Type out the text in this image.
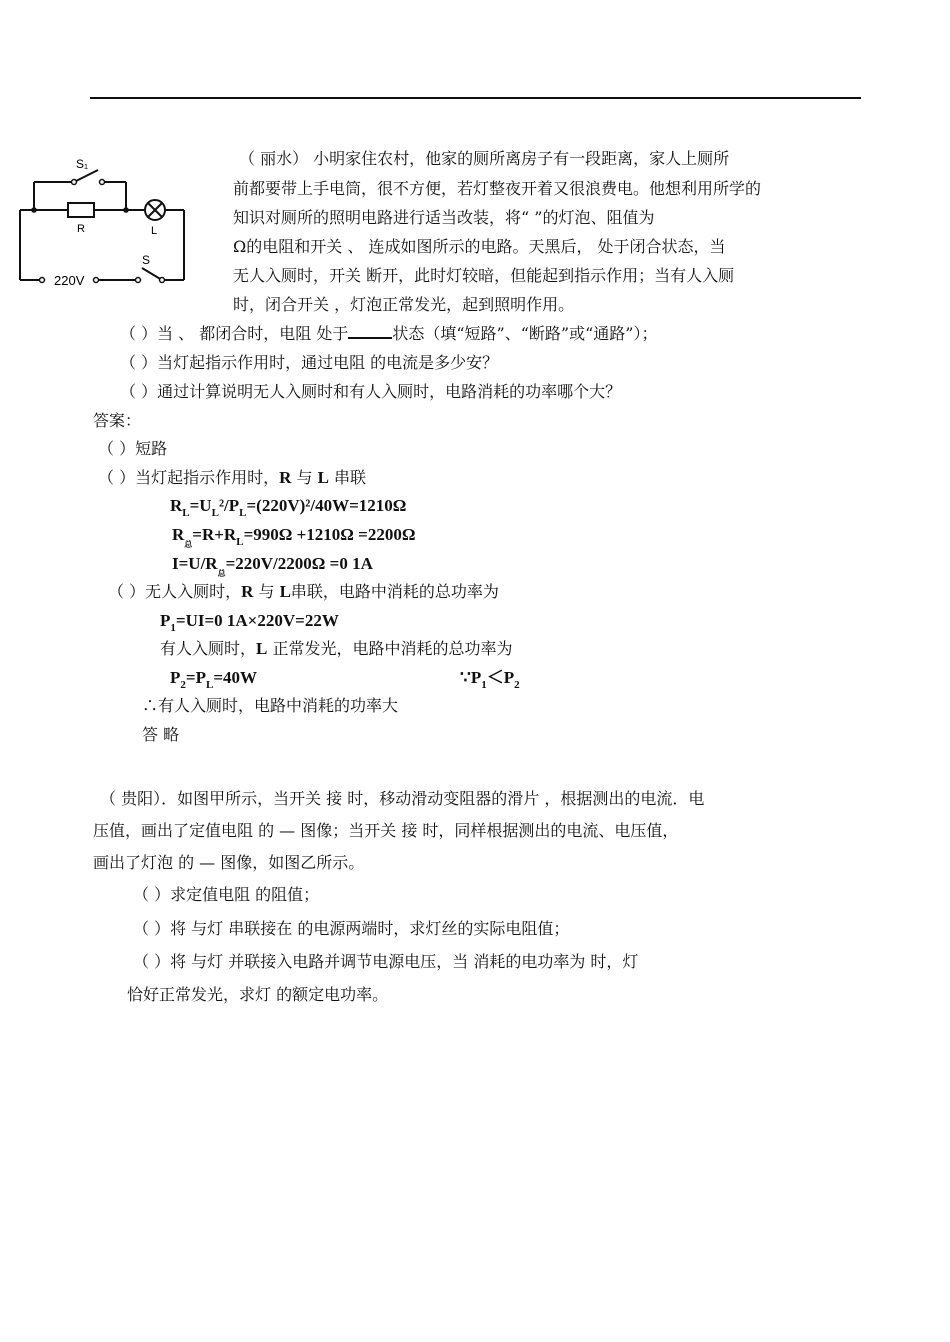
S₁
R	L
220V
S
（ 丽水） 小明家住农村，他家的厕所离房子有一段距离，家人上厕所
前都要带上手电筒，很不方便，若灯整夜开着又很浪费电。他想利用所学的
知识对厕所的照明电路进行适当改装，将“ ”的灯泡、阻值为
Ω的电阻和开关 、 连成如图所示的电路。天黑后， 处于闭合状态，当
无人入厕时，开关 断开，此时灯较暗，但能起到指示作用；当有人入厕
时，闭合开关 ，灯泡正常发光，起到照明作用。
（ ）当 、 都闭合时，电阻 处于	状态（填“短路”、“断路”或“通路”）；
（ ）当灯起指示作用时，通过电阻 的电流是多少安？
（ ）通过计算说明无人入厕时和有人入厕时，电路消耗的功率哪个大？
答案：
（ ）短路
（ ）当灯起指示作用时，R 与 L 串联
$R_L=U_L^2/P_L=(220V)^2/40W=1210\Omega$
$R_总=R+R_L=990\Omega +1210\Omega =2200\Omega$
$I=U/R_总=220V/2200\Omega =0$ 1A
（ ）无人入厕时，R 与 L串联，电路中消耗的总功率为
$P_1=UI=0$ 1A×220V=22W
有人入厕时，L 正常发光，电路中消耗的总功率为
$P_2=P_L=40W$	$\because P_1<P_2$
∴有人入厕时，电路中消耗的功率大
答 略
（ 贵阳）．如图甲所示，当开关 接 时，移动滑动变阻器的滑片 ，根据测出的电流．电
压值，画出了定值电阻 的 — 图像；当开关 接 时，同样根据测出的电流、电压值，
画出了灯泡 的 — 图像，如图乙所示。
（ ）求定值电阻 的阻值；
（ ）将 与灯 串联接在 的电源两端时，求灯丝的实际电阻值；
（ ）将 与灯 并联接入电路并调节电源电压，当 消耗的电功率为 时，灯
恰好正常发光，求灯 的额定电功率。
